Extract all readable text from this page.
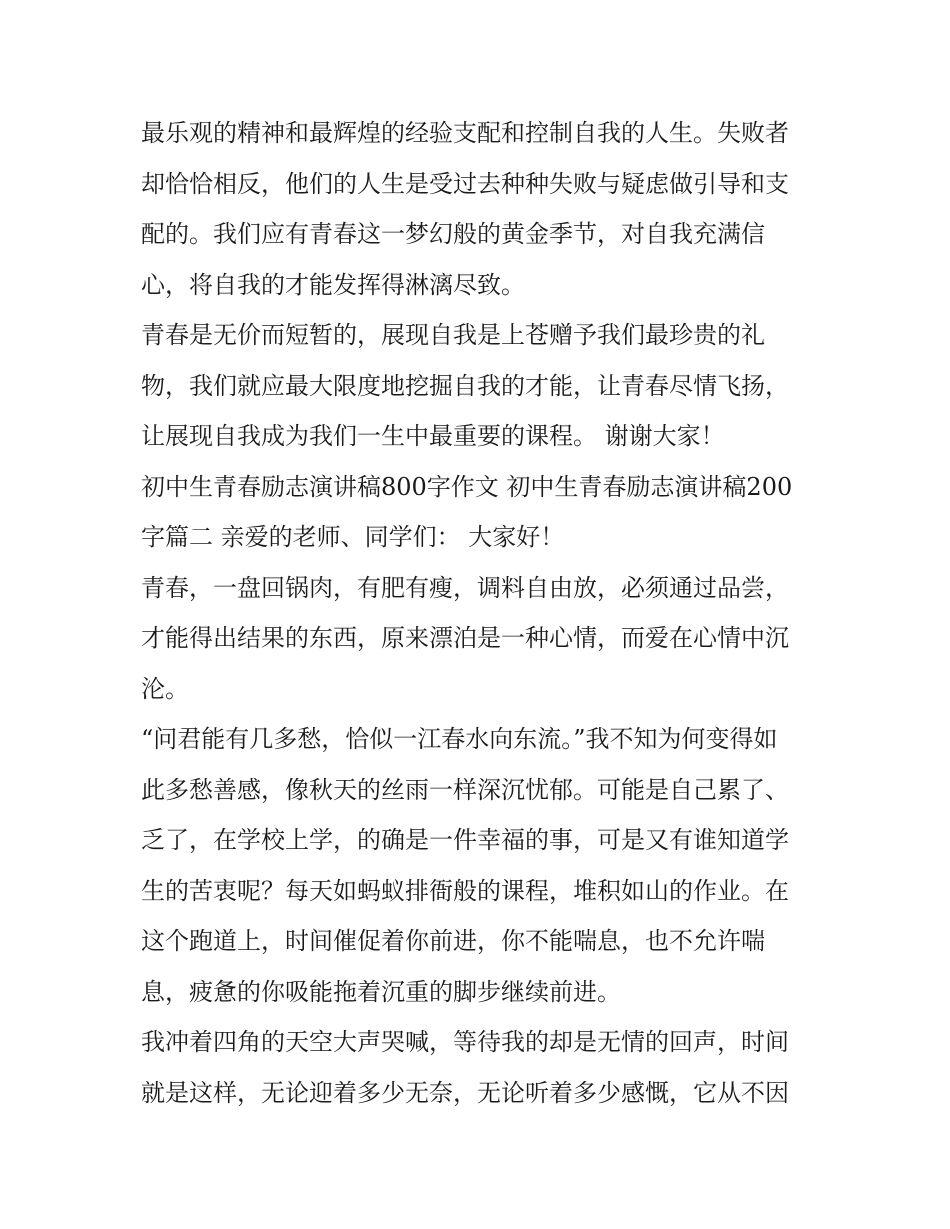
最乐观的精神和最辉煌的经验支配和控制自我的人生。失败者

却恰恰相反，他们的人生是受过去种种失败与疑虑做引导和支

配的。我们应有青春这一梦幻般的黄金季节，对自我充满信

心，将自我的才能发挥得淋漓尽致。

青春是无价而短暂的，展现自我是上苍赠予我们最珍贵的礼

物，我们就应最大限度地挖掘自我的才能，让青春尽情飞扬，

让展现自我成为我们一生中最重要的课程。 谢谢大家！

初中生青春励志演讲稿800字作文 初中生青春励志演讲稿200

字篇二 亲爱的老师、同学们： 大家好！

青春，一盘回锅肉，有肥有瘦，调料自由放，必须通过品尝，

才能得出结果的东西，原来漂泊是一种心情，而爱在心情中沉

沦。

“问君能有几多愁，恰似一江春水向东流。”我不知为何变得如

此多愁善感，像秋天的丝雨一样深沉忧郁。可能是自己累了、

乏了，在学校上学，的确是一件幸福的事，可是又有谁知道学

生的苦衷呢？每天如蚂蚁排衙般的课程，堆积如山的作业。在

这个跑道上，时间催促着你前进，你不能喘息，也不允许喘

息，疲惫的你吸能拖着沉重的脚步继续前进。

我冲着四角的天空大声哭喊，等待我的却是无情的回声，时间

就是这样，无论迎着多少无奈，无论听着多少感慨，它从不因
